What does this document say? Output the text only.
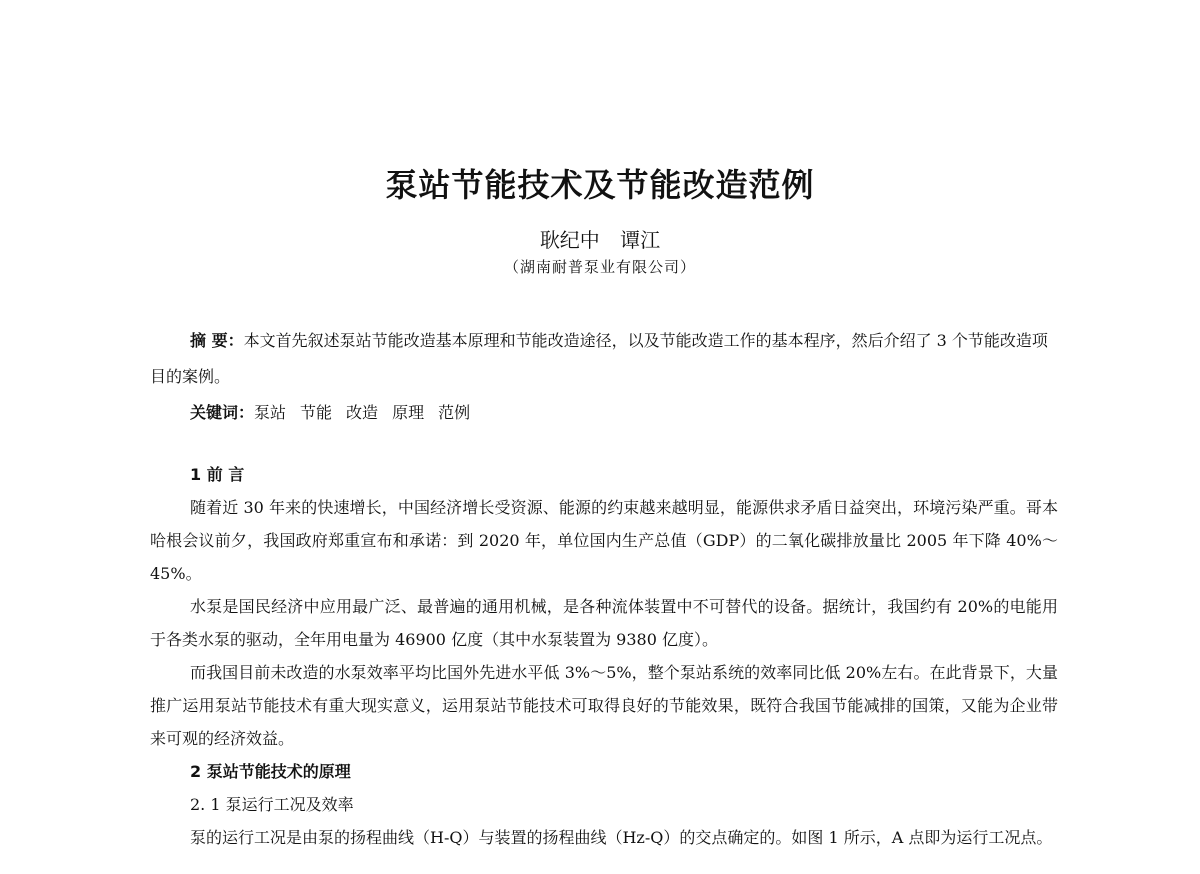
泵站节能技术及节能改造范例
耿纪中 谭江
（湖南耐普泵业有限公司）

摘 要：本文首先叙述泵站节能改造基本原理和节能改造途径，以及节能改造工作的基本程序，然后介绍了 3 个节能改造项目的案例。

关键词：泵站 节能 改造 原理 范例

1 前 言

随着近 30 年来的快速增长，中国经济增长受资源、能源的约束越来越明显，能源供求矛盾日益突出，环境污染严重。哥本哈根会议前夕，我国政府郑重宣布和承诺：到 2020 年，单位国内生产总值（GDP）的二氧化碳排放量比 2005 年下降 40%～45%。

水泵是国民经济中应用最广泛、最普遍的通用机械，是各种流体装置中不可替代的设备。据统计，我国约有 20%的电能用于各类水泵的驱动，全年用电量为 46900 亿度（其中水泵装置为 9380 亿度）。

而我国目前未改造的水泵效率平均比国外先进水平低 3%～5%，整个泵站系统的效率同比低 20%左右。在此背景下，大量推广运用泵站节能技术有重大现实意义，运用泵站节能技术可取得良好的节能效果，既符合我国节能减排的国策，又能为企业带来可观的经济效益。

2 泵站节能技术的原理

2. 1 泵运行工况及效率

泵的运行工况是由泵的扬程曲线（H-Q）与装置的扬程曲线（Hz-Q）的交点确定的。如图 1 所示，A 点即为运行工况点。
